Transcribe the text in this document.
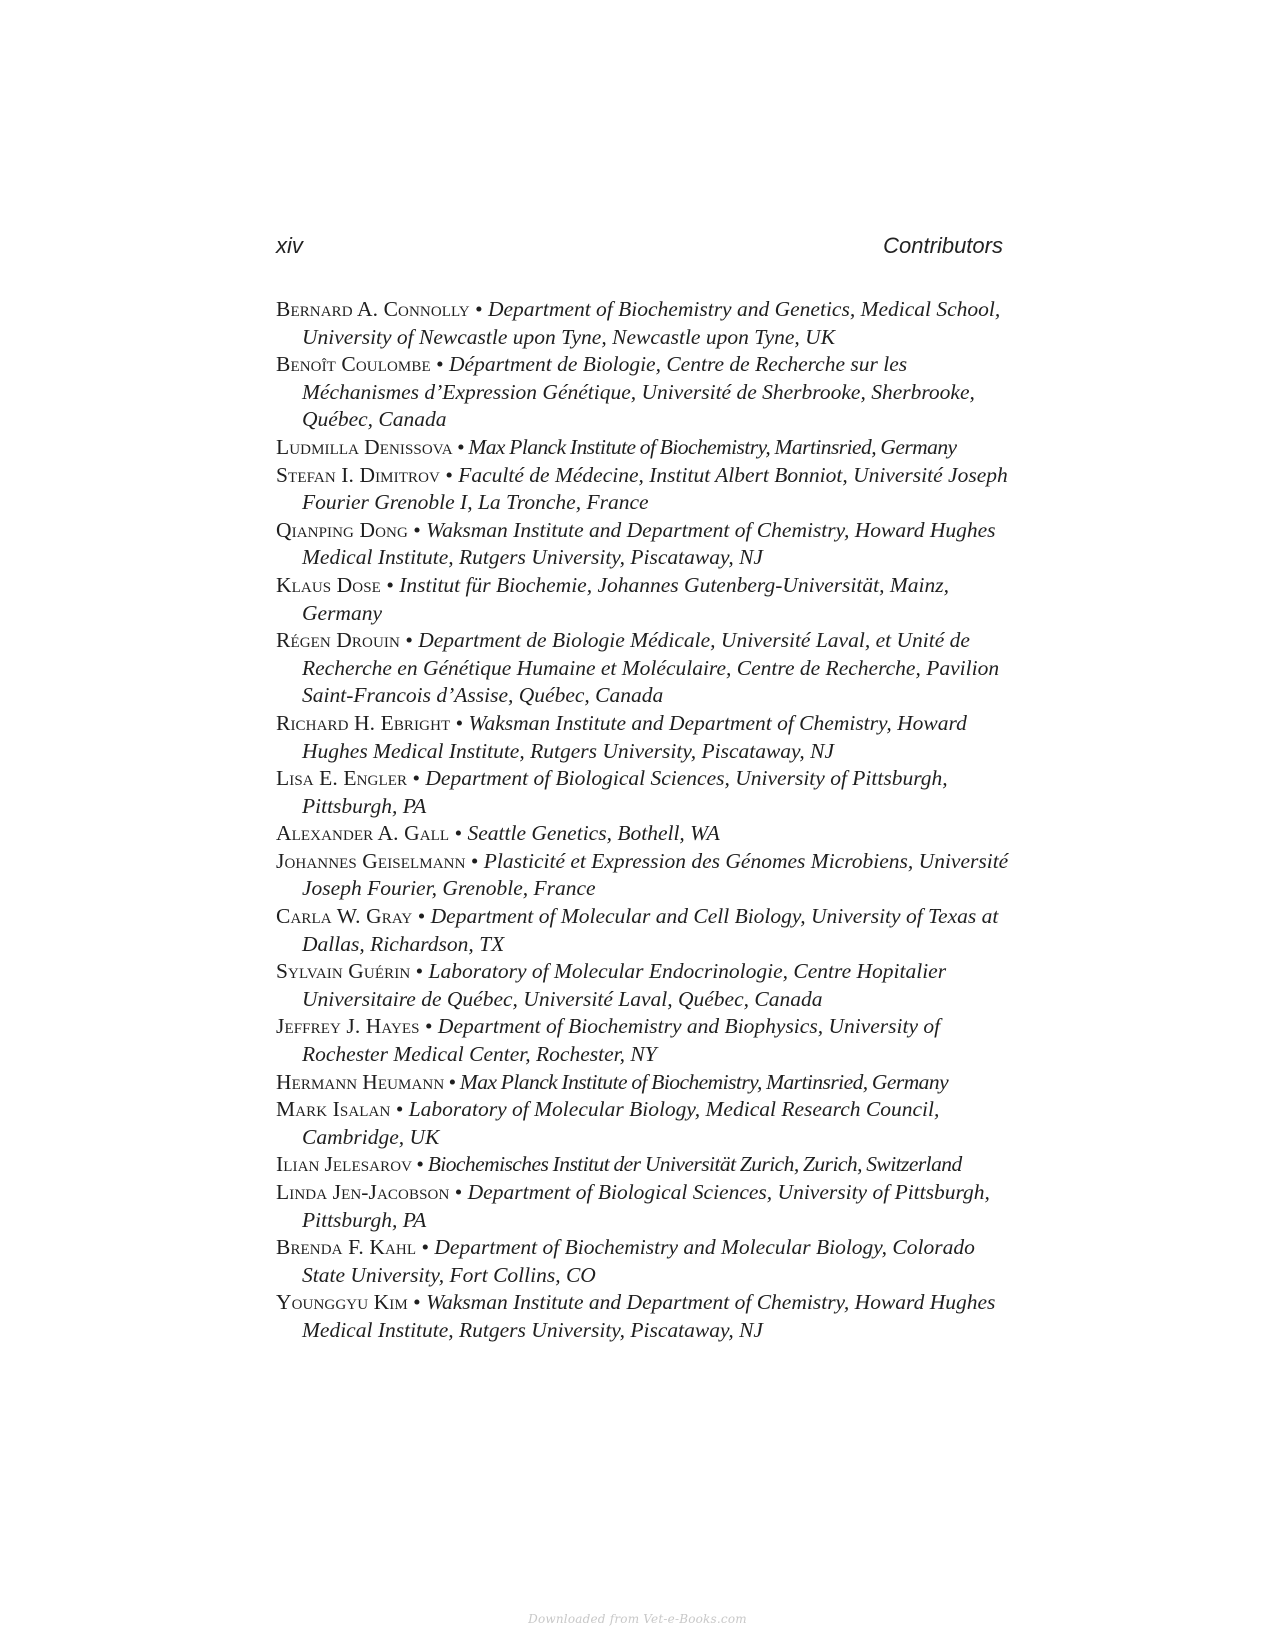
xiv	Contributors

Bernard A. Connolly • Department of Biochemistry and Genetics, Medical School, University of Newcastle upon Tyne, Newcastle upon Tyne, UK

Benoît Coulombe • Départment de Biologie, Centre de Recherche sur les Méchanismes d’Expression Génétique, Université de Sherbrooke, Sherbrooke, Québec, Canada

Ludmilla Denissova • Max Planck Institute of Biochemistry, Martinsried, Germany

Stefan I. Dimitrov • Faculté de Médecine, Institut Albert Bonniot, Université Joseph Fourier Grenoble I, La Tronche, France

Qianping Dong • Waksman Institute and Department of Chemistry, Howard Hughes Medical Institute, Rutgers University, Piscataway, NJ

Klaus Dose • Institut für Biochemie, Johannes Gutenberg-Universität, Mainz, Germany

Régen Drouin • Department de Biologie Médicale, Université Laval, et Unité de Recherche en Génétique Humaine et Moléculaire, Centre de Recherche, Pavilion Saint-Francois d’Assise, Québec, Canada

Richard H. Ebright • Waksman Institute and Department of Chemistry, Howard Hughes Medical Institute, Rutgers University, Piscataway, NJ

Lisa E. Engler • Department of Biological Sciences, University of Pittsburgh, Pittsburgh, PA

Alexander A. Gall • Seattle Genetics, Bothell, WA

Johannes Geiselmann • Plasticité et Expression des Génomes Microbiens, Université Joseph Fourier, Grenoble, France

Carla W. Gray • Department of Molecular and Cell Biology, University of Texas at Dallas, Richardson, TX

Sylvain Guérin • Laboratory of Molecular Endocrinologie, Centre Hopitalier Universitaire de Québec, Université Laval, Québec, Canada

Jeffrey J. Hayes • Department of Biochemistry and Biophysics, University of Rochester Medical Center, Rochester, NY

Hermann Heumann • Max Planck Institute of Biochemistry, Martinsried, Germany

Mark Isalan • Laboratory of Molecular Biology, Medical Research Council, Cambridge, UK

Ilian Jelesarov • Biochemisches Institut der Universität Zurich, Zurich, Switzerland

Linda Jen-Jacobson • Department of Biological Sciences, University of Pittsburgh, Pittsburgh, PA

Brenda F. Kahl • Department of Biochemistry and Molecular Biology, Colorado State University, Fort Collins, CO

Younggyu Kim • Waksman Institute and Department of Chemistry, Howard Hughes Medical Institute, Rutgers University, Piscataway, NJ

Downloaded from Vet-e-Books.com
